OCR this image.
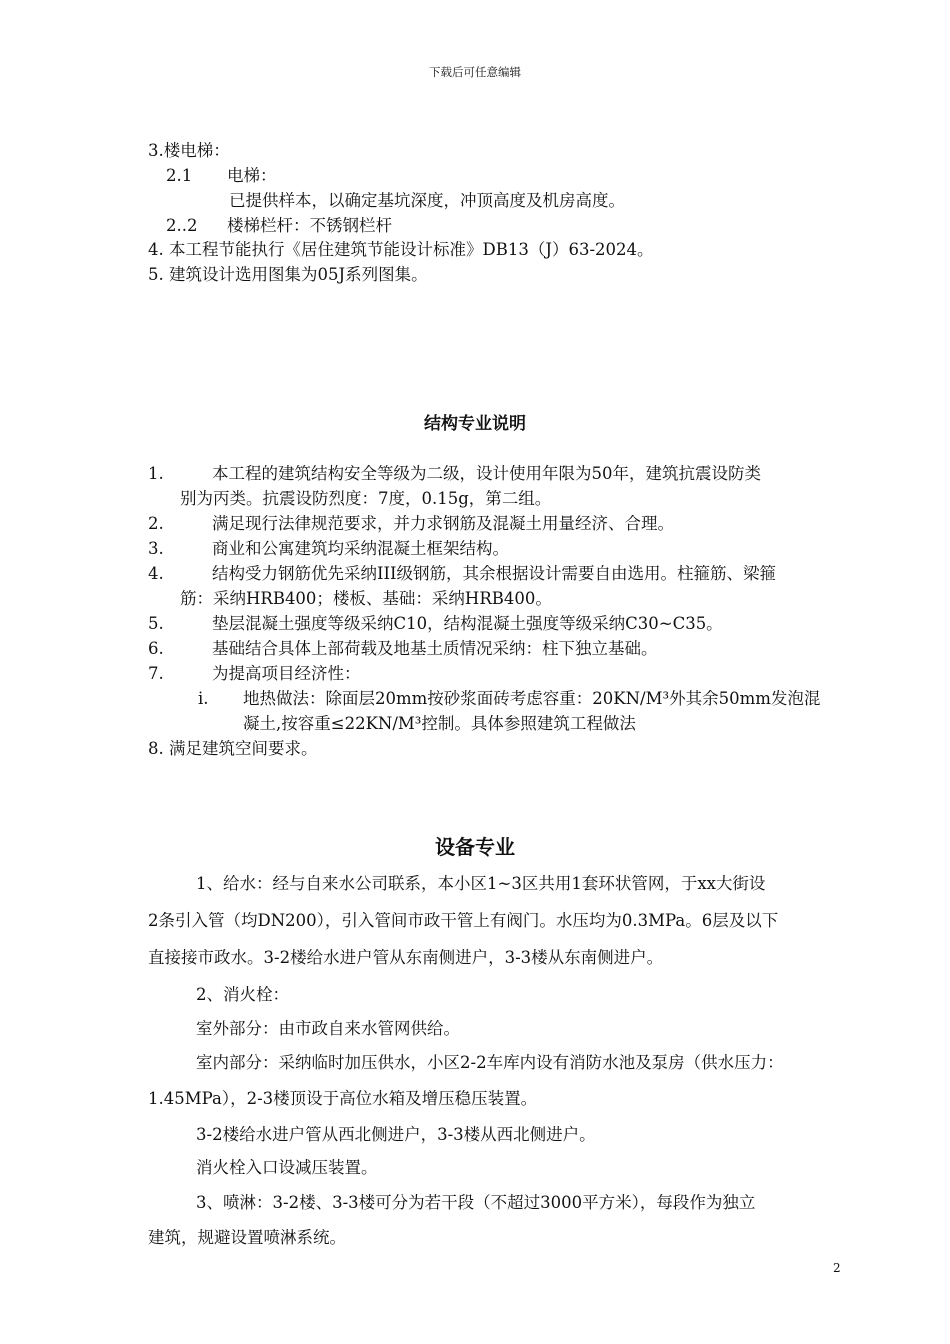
下载后可任意编辑
3.楼电梯：
2.1 电梯：
已提供样本，以确定基坑深度，冲顶高度及机房高度。
2..2 楼梯栏杆：不锈钢栏杆
4. 本工程节能执行《居住建筑节能设计标准》DB13（J）63-2024。
5. 建筑设计选用图集为05J系列图集。
结构专业说明
1.	本工程的建筑结构安全等级为二级，设计使用年限为50年，建筑抗震设防类
别为丙类。抗震设防烈度：7度，0.15g，第二组。
2.	满足现行法律规范要求，并力求钢筋及混凝土用量经济、合理。
3.	商业和公寓建筑均采纳混凝土框架结构。
4.	结构受力钢筋优先采纳III级钢筋，其余根据设计需要自由选用。柱箍筋、梁箍
筋：采纳HRB400；楼板、基础：采纳HRB400。
5.	垫层混凝土强度等级采纳C10，结构混凝土强度等级采纳C30~C35。
6.	基础结合具体上部荷载及地基土质情况采纳：柱下独立基础。
7.	为提高项目经济性：
i. 地热做法：除面层20mm按砂浆面砖考虑容重：20KN/M³外其余50mm发泡混
凝土,按容重≤22KN/M³控制。具体参照建筑工程做法
8. 满足建筑空间要求。
设备专业
1、给水：经与自来水公司联系，本小区1~3区共用1套环状管网，于xx大街设
2条引入管（均DN200），引入管间市政干管上有阀门。水压均为0.3MPa。6层及以下
直接接市政水。3-2楼给水进户管从东南侧进户，3-3楼从东南侧进户。
2、消火栓：
室外部分：由市政自来水管网供给。
室内部分：采纳临时加压供水，小区2-2车库内设有消防水池及泵房（供水压力：
1.45MPa），2-3楼顶设于高位水箱及增压稳压装置。
3-2楼给水进户管从西北侧进户，3-3楼从西北侧进户。
消火栓入口设减压装置。
3、喷淋：3-2楼、3-3楼可分为若干段（不超过3000平方米），每段作为独立
建筑，规避设置喷淋系统。
2
